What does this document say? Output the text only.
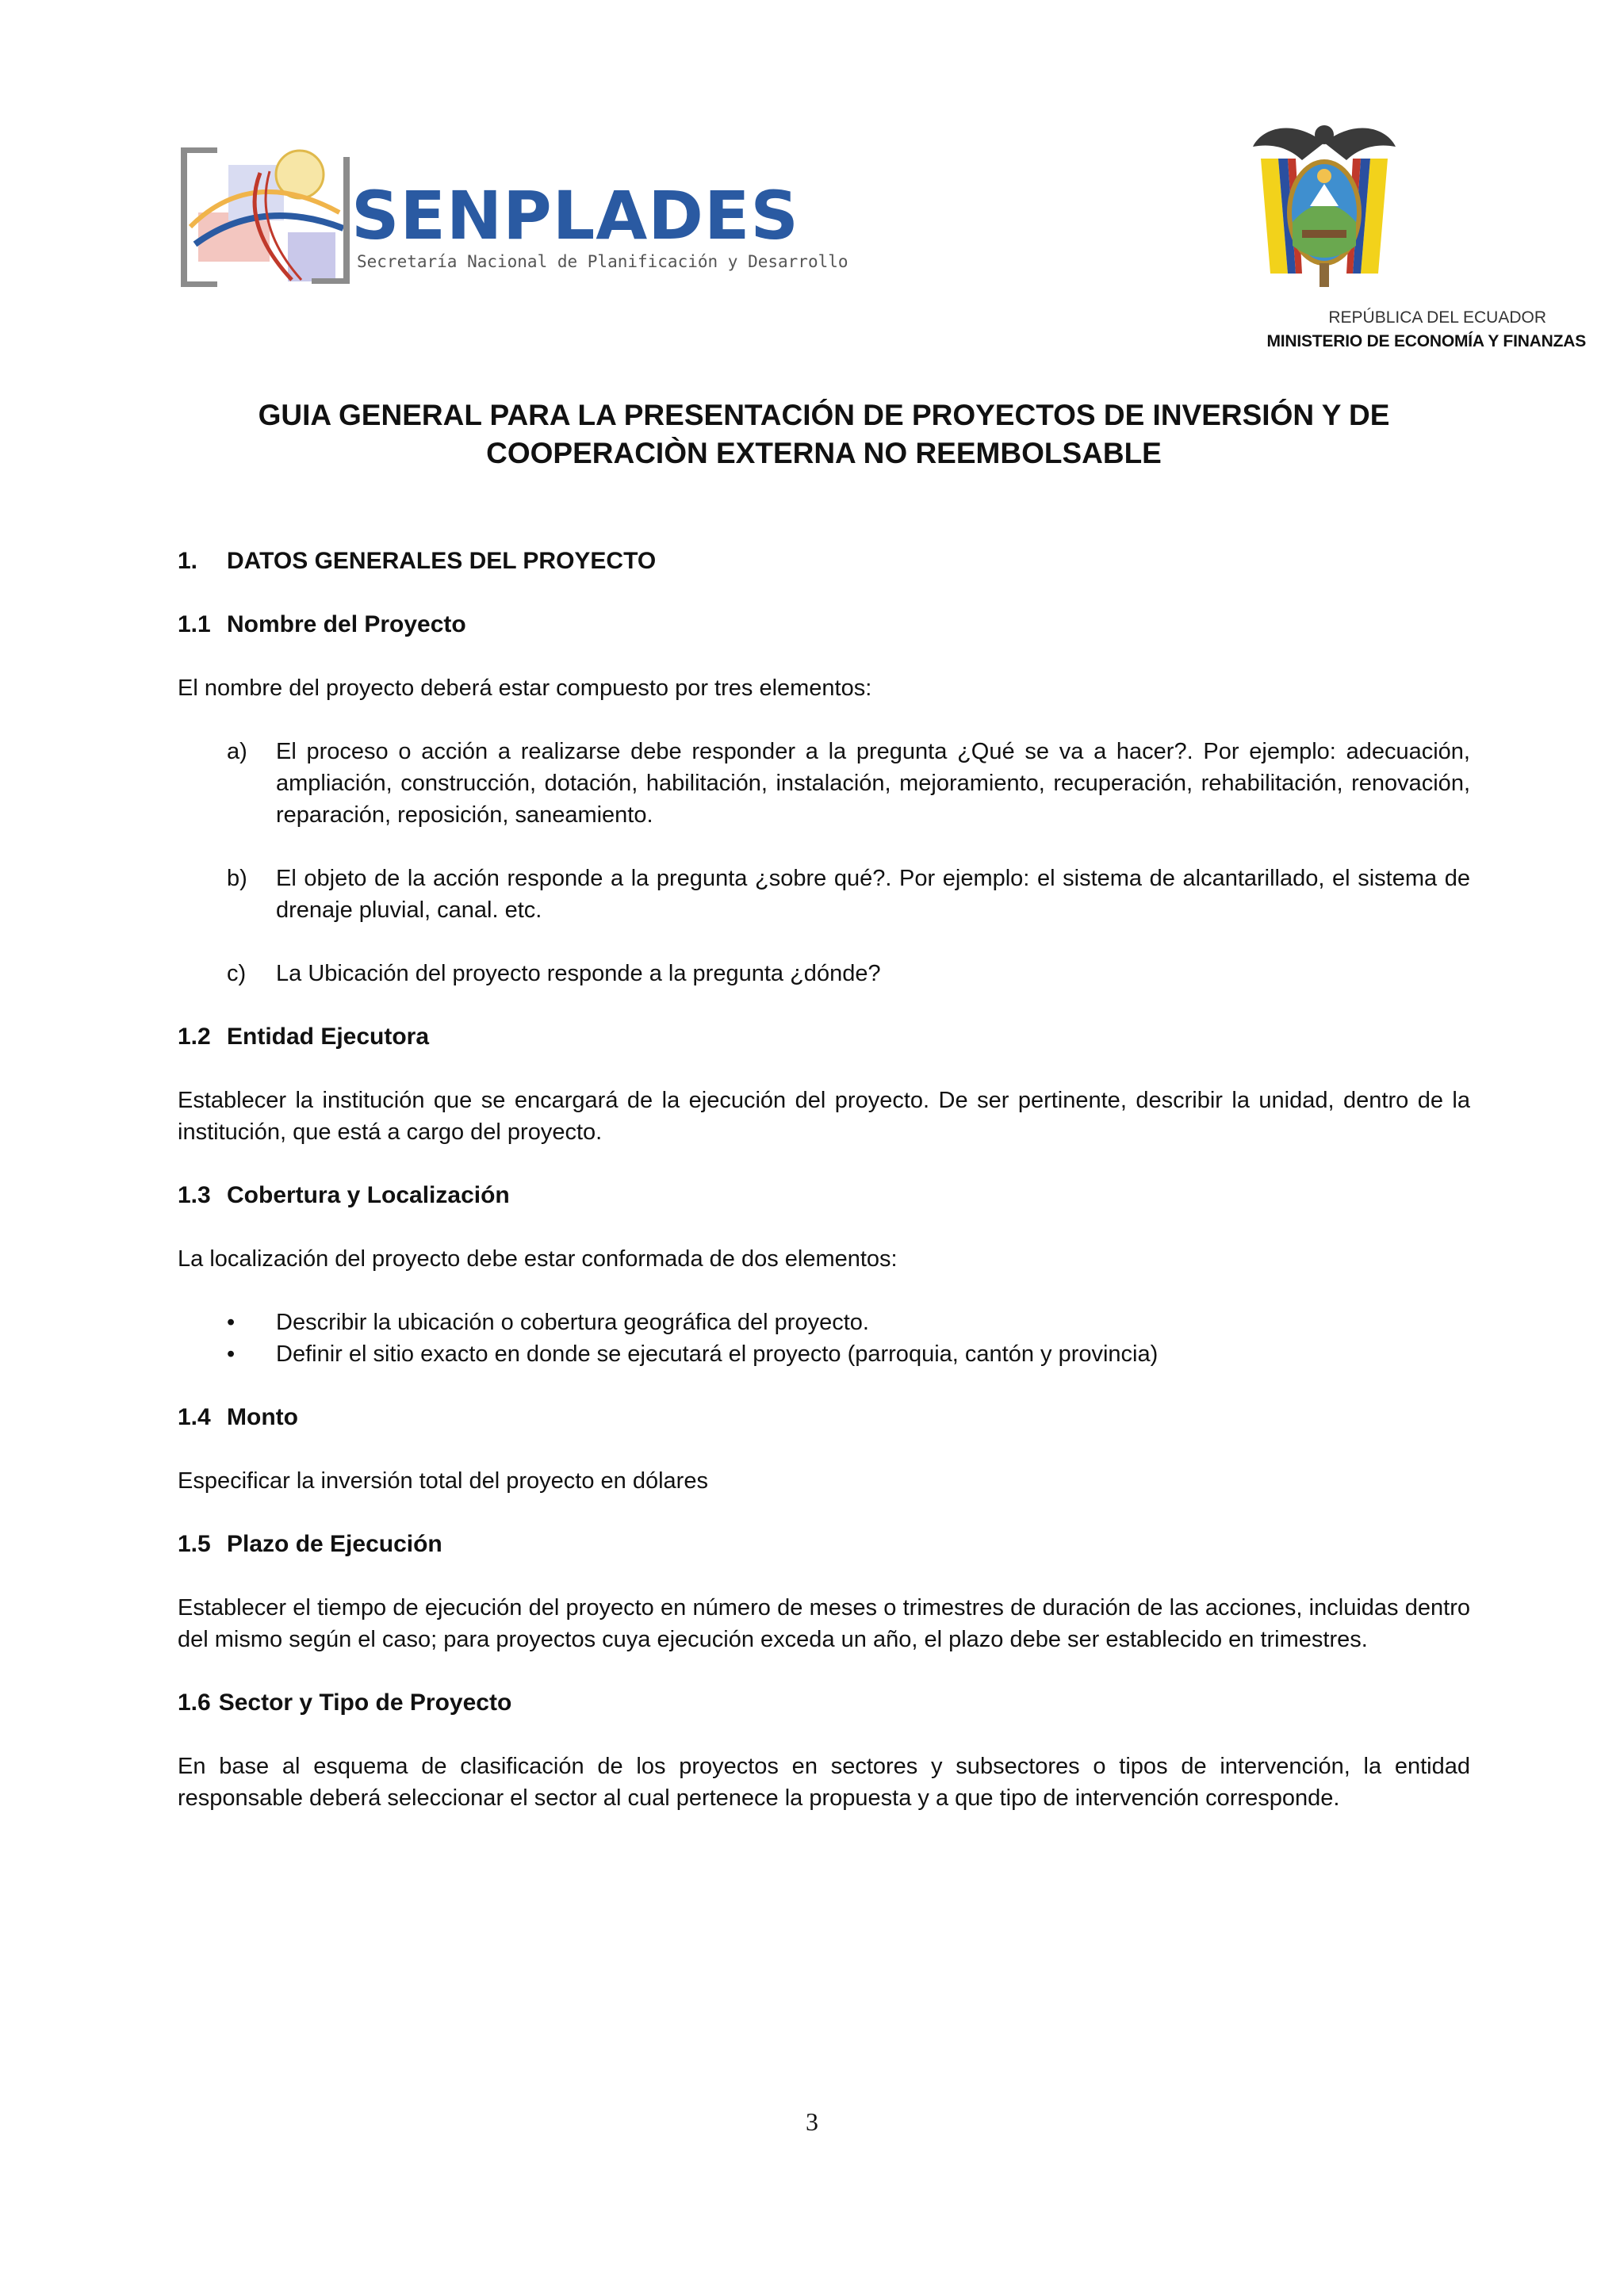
SENPLADES
Secretaría Nacional de Planificación y Desarrollo
REPÚBLICA DEL ECUADOR
MINISTERIO DE ECONOMÍA Y FINANZAS
GUIA GENERAL PARA LA PRESENTACIÓN DE PROYECTOS DE INVERSIÓN Y DE COOPERACIÒN EXTERNA NO REEMBOLSABLE
1. DATOS GENERALES DEL PROYECTO
1.1 Nombre del Proyecto

El nombre del proyecto deberá estar compuesto por tres elementos:

a) El proceso o acción a realizarse debe responder a la pregunta ¿Qué se va a hacer?. Por ejemplo: adecuación, ampliación, construcción, dotación, habilitación, instalación, mejoramiento, recuperación, rehabilitación, renovación, reparación, reposición, saneamiento.
b) El objeto de la acción responde a la pregunta ¿sobre qué?. Por ejemplo: el sistema de alcantarillado, el sistema de drenaje pluvial, canal. etc.
c) La Ubicación del proyecto responde a la pregunta ¿dónde?
1.2 Entidad Ejecutora

Establecer la institución que se encargará de la ejecución del proyecto. De ser pertinente, describir la unidad, dentro de la institución, que está a cargo del proyecto.

1.3 Cobertura y Localización

La localización del proyecto debe estar conformada de dos elementos:

• Describir la ubicación o cobertura geográfica del proyecto.
• Definir el sitio exacto en donde se ejecutará el proyecto (parroquia, cantón y provincia)
1.4 Monto

Especificar la inversión total del proyecto en dólares

1.5 Plazo de Ejecución

Establecer el tiempo de ejecución del proyecto en número de meses o trimestres de duración de las acciones, incluidas dentro del mismo según el caso; para proyectos cuya ejecución exceda un año, el plazo debe ser establecido en trimestres.

1.6 Sector y Tipo de Proyecto

En base al esquema de clasificación de los proyectos en sectores y subsectores o tipos de intervención, la entidad responsable deberá seleccionar el sector al cual pertenece la propuesta y a que tipo de intervención corresponde.

3
